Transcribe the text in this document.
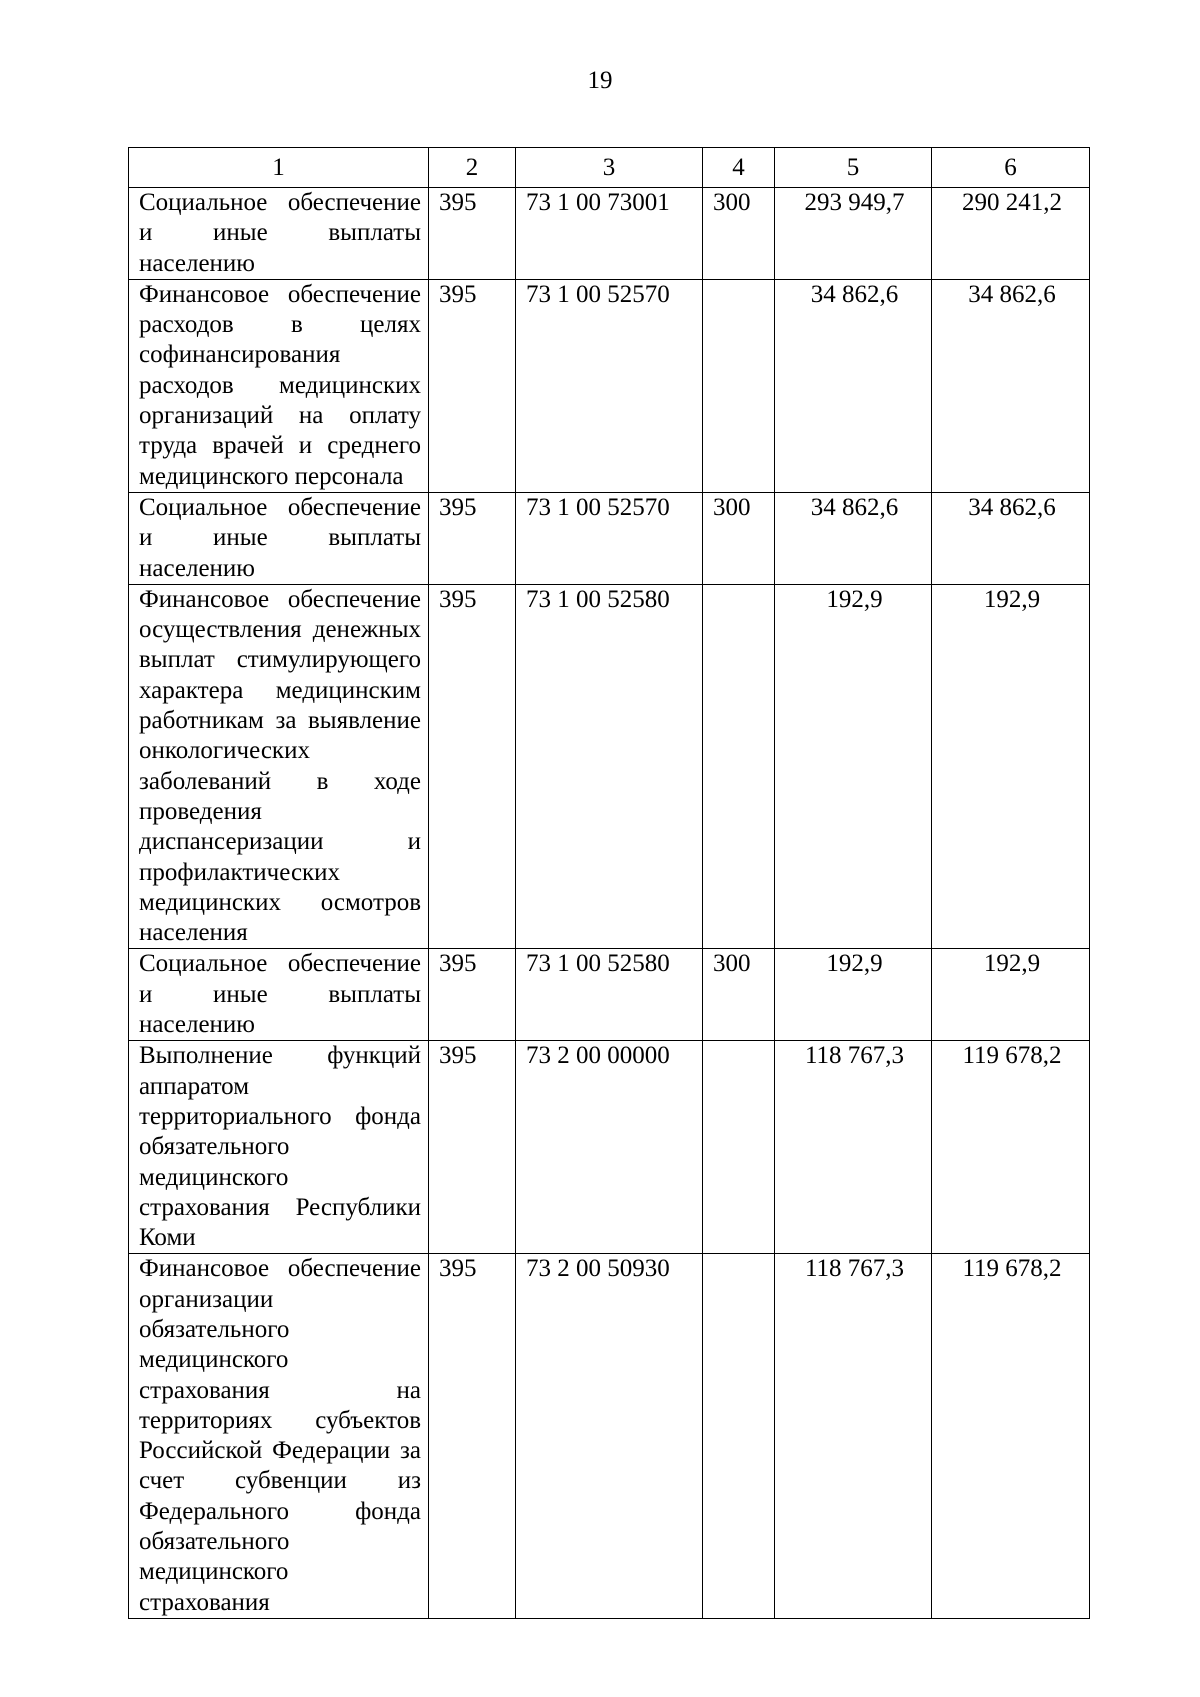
19
1	2	3	4	5	6
Социальное обеспечение и иные выплаты населению	395	73 1 00 73001	300	293 949,7	290 241,2
Финансовое обеспечение расходов в целях софинансирования расходов медицинских организаций на оплату труда врачей и среднего медицинского персонала	395	73 1 00 52570		34 862,6	34 862,6
Социальное обеспечение и иные выплаты населению	395	73 1 00 52570	300	34 862,6	34 862,6
Финансовое обеспечение осуществления денежных выплат стимулирующего характера медицинским работникам за выявление онкологических заболеваний в ходе проведения диспансеризации и профилактических медицинских осмотров населения	395	73 1 00 52580		192,9	192,9
Социальное обеспечение и иные выплаты населению	395	73 1 00 52580	300	192,9	192,9
Выполнение функций аппаратом территориального фонда обязательного медицинского страхования Республики Коми	395	73 2 00 00000		118 767,3	119 678,2
Финансовое обеспечение организации обязательного медицинского страхования на территориях субъектов Российской Федерации за счет субвенции из Федерального фонда обязательного медицинского страхования	395	73 2 00 50930		118 767,3	119 678,2
